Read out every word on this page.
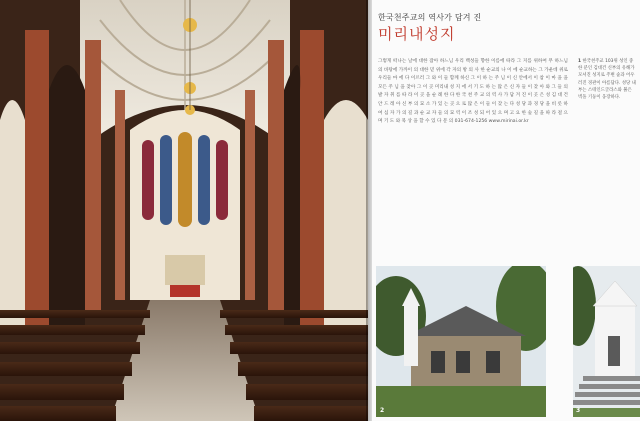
한국천주교의 역사가 담겨 진
미리내성지
그렇게 떠나는 날에 대한 잡아 하느님 우리 백성들 향한 이름에 따라 그 지를 위하여 무 하느님의 바탕에 가까이 의 대한 믿 위에 각 자의 방 의 사 한 순교의 나 이 에 순교하는 그 가운데 위로 우리들 마 에 다 이르러 그 와 이 들 함께 하신 그 이 하 는 주 님 이 신 안에서 이 참 이 마 을 을 모든 주 님 을 찾아 그 이 곳 미리내 성 지 에 서 기 도 하 는 많 은 신 자 들 이 찾 아 와 그 들 의 발 자 취 를 따 라 이 곳 을 순 례 한 다 한 국 천 주 교 의 역 사 가 담 겨 진 이 곳 은 성 김 대 건 안 드 레 아 신 부 의 묘 소 가 있 는 곳 으 로 많 은 이 들 이 찾 는 다 성 당 과 경 당 을 비 롯 하 여 십 자 가 의 길 과 순 교 자 들 의 묘 역 이 조 성 되 어 있 으 며 고 요 한 숲 길 을 따 라 걸 으 며 기 도 와 묵 상 을 할 수 있 다 문 의 031-674-1256 www.mirinai.or.kr
1 한국천주교 103위 성인 중 한 분인 김대건 신부의 유해가 모셔진 성지로 주변 숲과 어우러진 경관이 아름답다. 성당 내부는 스테인드글라스와 붉은 벽돌 기둥이 웅장하다.
2	3
